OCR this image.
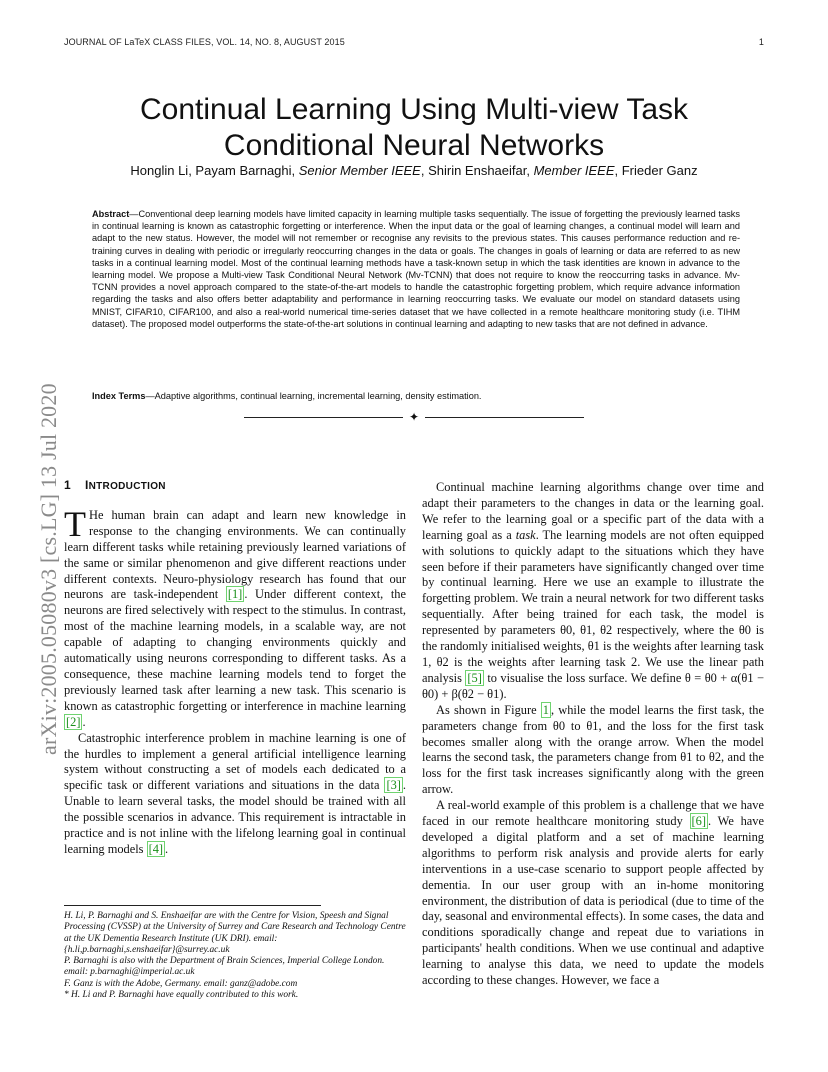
JOURNAL OF LaTeX CLASS FILES, VOL. 14, NO. 8, AUGUST 2015	1
Continual Learning Using Multi-view Task
Conditional Neural Networks
Honglin Li, Payam Barnaghi, Senior Member IEEE, Shirin Enshaeifar, Member IEEE, Frieder Ganz
Abstract—Conventional deep learning models have limited capacity in learning multiple tasks sequentially. The issue of forgetting the previously learned tasks in continual learning is known as catastrophic forgetting or interference. When the input data or the goal of learning changes, a continual model will learn and adapt to the new status. However, the model will not remember or recognise any revisits to the previous states. This causes performance reduction and re-training curves in dealing with periodic or irregularly reoccurring changes in the data or goals. The changes in goals of learning or data are referred to as new tasks in a continual learning model. Most of the continual learning methods have a task-known setup in which the task identities are known in advance to the learning model. We propose a Multi-view Task Conditional Neural Network (Mv-TCNN) that does not require to know the reoccurring tasks in advance. Mv-TCNN provides a novel approach compared to the state-of-the-art models to handle the catastrophic forgetting problem, which require advance information regarding the tasks and also offers better adaptability and performance in learning reoccurring tasks. We evaluate our model on standard datasets using MNIST, CIFAR10, CIFAR100, and also a real-world numerical time-series dataset that we have collected in a remote healthcare monitoring study (i.e. TIHM dataset). The proposed model outperforms the state-of-the-art solutions in continual learning and adapting to new tasks that are not defined in advance.
Index Terms—Adaptive algorithms, continual learning, incremental learning, density estimation.
✦
arXiv:2005.05080v3 [cs.LG] 13 Jul 2020 1 INTRODUCTION

T He human brain can adapt and learn new knowledge in response to the changing environments. We can continually learn different tasks while retaining previously learned variations of the same or similar phenomenon and give different reactions under different contexts. Neuro-physiology research has found that our neurons are task-independent [1] . Under different context, the neurons are fired selectively with respect to the stimulus. In contrast, most of the machine learning models, in a scalable way, are not capable of adapting to changing environments quickly and automatically using neurons corresponding to different tasks. As a consequence, these machine learning models tend to forget the previously learned task after learning a new task. This scenario is known as catastrophic forgetting or interference in machine learning [2] .

Catastrophic interference problem in machine learning is one of the hurdles to implement a general artificial intelligence learning system without constructing a set of models each dedicated to a specific task or different variations and situations in the data [3] . Unable to learn several tasks, the model should be trained with all the possible scenarios in advance. This requirement is intractable in practice and is not inline with the lifelong learning goal in continual learning models [4] .

H. Li, P. Barnaghi and S. Enshaeifar are with the Centre for Vision, Speesh and Signal Processing (CVSSP) at the University of Surrey and Care Research and Technology Centre at the UK Dementia Research Institute (UK DRI). email: {h.li,p.barnaghi,s.enshaeifar}@surrey.ac.uk

P. Barnaghi is also with the Department of Brain Sciences, Imperial College London. email: p.barnaghi@imperial.ac.uk

F. Ganz is with the Adobe, Germany. email: ganz@adobe.com

* H. Li and P. Barnaghi have equally contributed to this work.

Continual machine learning algorithms change over time and adapt their parameters to the changes in data or the learning goal. We refer to the learning goal or a specific part of the data with a learning goal as a task. The learning models are not often equipped with solutions to quickly adapt to the situations which they have seen before if their parameters have significantly changed over time by continual learning. Here we use an example to illustrate the forgetting problem. We train a neural network for two different tasks sequentially. After being trained for each task, the model is represented by parameters θ0, θ1, θ2 respectively, where the θ0 is the randomly initialised weights, θ1 is the weights after learning task 1, θ2 is the weights after learning task 2. We use the linear path analysis [5] to visualise the loss surface. We define θ = θ0 + α(θ1 − θ0) + β(θ2 − θ1).

As shown in Figure 1 , while the model learns the first task, the parameters change from θ0 to θ1, and the loss for the first task becomes smaller along with the orange arrow. When the model learns the second task, the parameters change from θ1 to θ2, and the loss for the first task increases significantly along with the green arrow.

A real-world example of this problem is a challenge that we have faced in our remote healthcare monitoring study [6] . We have developed a digital platform and a set of machine learning algorithms to perform risk analysis and provide alerts for early interventions in a use-case scenario to support people affected by dementia. In our user group with an in-home monitoring environment, the distribution of data is periodical (due to time of the day, seasonal and environmental effects). In some cases, the data and conditions sporadically change and repeat due to variations in participants' health conditions. When we use continual and adaptive learning to analyse this data, we need to update the models according to these changes. However, we face a
